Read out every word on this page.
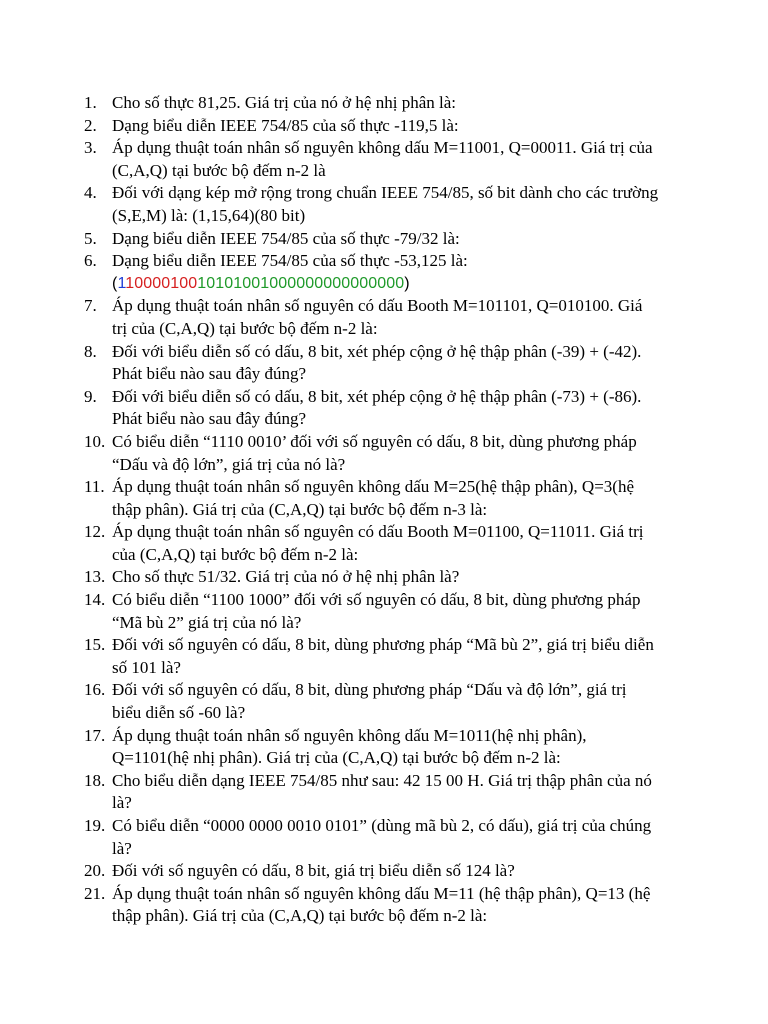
1. Cho số thực 81,25. Giá trị của nó ở hệ nhị phân là:
2. Dạng biểu diễn IEEE 754/85 của số thực -119,5 là:
3. Áp dụng thuật toán nhân số nguyên không dấu M=11001, Q=00011. Giá trị của
(C,A,Q) tại bước bộ đếm n-2 là
4. Đối với dạng kép mở rộng trong chuẩn IEEE 754/85, số bit dành cho các trường
(S,E,M) là: (1,15,64)(80 bit)
5. Dạng biểu diễn IEEE 754/85 của số thực -79/32 là:
6. Dạng biểu diễn IEEE 754/85 của số thực -53,125 là:
(11000010010101001000000000000000)
7. Áp dụng thuật toán nhân số nguyên có dấu Booth M=101101, Q=010100. Giá
trị của (C,A,Q) tại bước bộ đếm n-2 là:
8. Đối với biểu diễn số có dấu, 8 bit, xét phép cộng ở hệ thập phân (-39) + (-42).
Phát biểu nào sau đây đúng?
9. Đối với biểu diễn số có dấu, 8 bit, xét phép cộng ở hệ thập phân (-73) + (-86).
Phát biểu nào sau đây đúng?
10. Có biểu diễn “1110 0010’ đối với số nguyên có dấu, 8 bit, dùng phương pháp
“Dấu và độ lớn”, giá trị của nó là?
11. Áp dụng thuật toán nhân số nguyên không dấu M=25(hệ thập phân), Q=3(hệ
thập phân). Giá trị của (C,A,Q) tại bước bộ đếm n-3 là:
12. Áp dụng thuật toán nhân số nguyên có dấu Booth M=01100, Q=11011. Giá trị
của (C,A,Q) tại bước bộ đếm n-2 là:
13. Cho số thực 51/32. Giá trị của nó ở hệ nhị phân là?
14. Có biểu diễn “1100 1000” đối với số nguyên có dấu, 8 bit, dùng phương pháp
“Mã bù 2” giá trị của nó là?
15. Đối với số nguyên có dấu, 8 bit, dùng phương pháp “Mã bù 2”, giá trị biểu diễn
số 101 là?
16. Đối với số nguyên có dấu, 8 bit, dùng phương pháp “Dấu và độ lớn”, giá trị
biểu diễn số -60 là?
17. Áp dụng thuật toán nhân số nguyên không dấu M=1011(hệ nhị phân),
Q=1101(hệ nhị phân). Giá trị của (C,A,Q) tại bước bộ đếm n-2 là:
18. Cho biểu diễn dạng IEEE 754/85 như sau: 42 15 00 H. Giá trị thập phân của nó
là?
19. Có biểu diễn “0000 0000 0010 0101” (dùng mã bù 2, có dấu), giá trị của chúng
là?
20. Đối với số nguyên có dấu, 8 bit, giá trị biểu diễn số 124 là?
21. Áp dụng thuật toán nhân số nguyên không dấu M=11 (hệ thập phân), Q=13 (hệ
thập phân). Giá trị của (C,A,Q) tại bước bộ đếm n-2 là:
